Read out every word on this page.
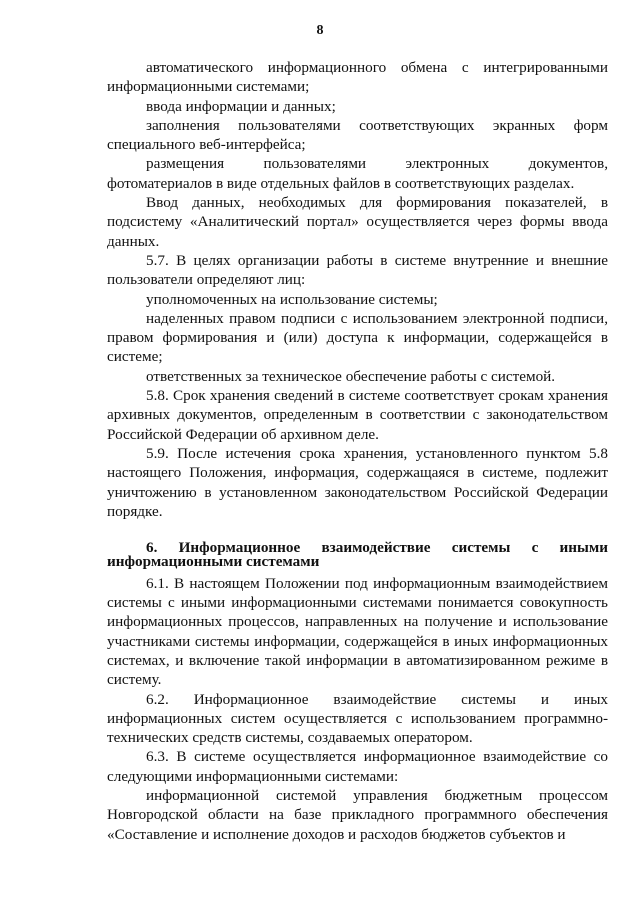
8

автоматического информационного обмена с интегрированными информационными системами;

ввода информации и данных;

заполнения пользователями соответствующих экранных форм специального веб-интерфейса;

размещения пользователями электронных документов, фотоматериалов в виде отдельных файлов в соответствующих разделах.

Ввод данных, необходимых для формирования показателей, в подсистему «Аналитический портал» осуществляется через формы ввода данных.

5.7. В целях организации работы в системе внутренние и внешние пользователи определяют лиц:

уполномоченных на использование системы;

наделенных правом подписи с использованием электронной подписи, правом формирования и (или) доступа к информации, содержащейся в системе;

ответственных за техническое обеспечение работы с системой.

5.8. Срок хранения сведений в системе соответствует срокам хранения архивных документов, определенным в соответствии с законодательством Российской Федерации об архивном деле.

5.9. После истечения срока хранения, установленного пунктом 5.8 настоящего Положения, информация, содержащаяся в системе, подлежит уничтожению в установленном законодательством Российской Федерации порядке.

6. Информационное взаимодействие системы с иными информационными системами

6.1. В настоящем Положении под информационным взаимодействием системы с иными информационными системами понимается совокупность информационных процессов, направленных на получение и использование участниками системы информации, содержащейся в иных информационных системах, и включение такой информации в автоматизированном режиме в систему.

6.2. Информационное взаимодействие системы и иных информационных систем осуществляется с использованием программно-технических средств системы, создаваемых оператором.

6.3. В системе осуществляется информационное взаимодействие со следующими информационными системами:

информационной системой управления бюджетным процессом Новгородской области на базе прикладного программного обеспечения «Составление и исполнение доходов и расходов бюджетов субъектов и
